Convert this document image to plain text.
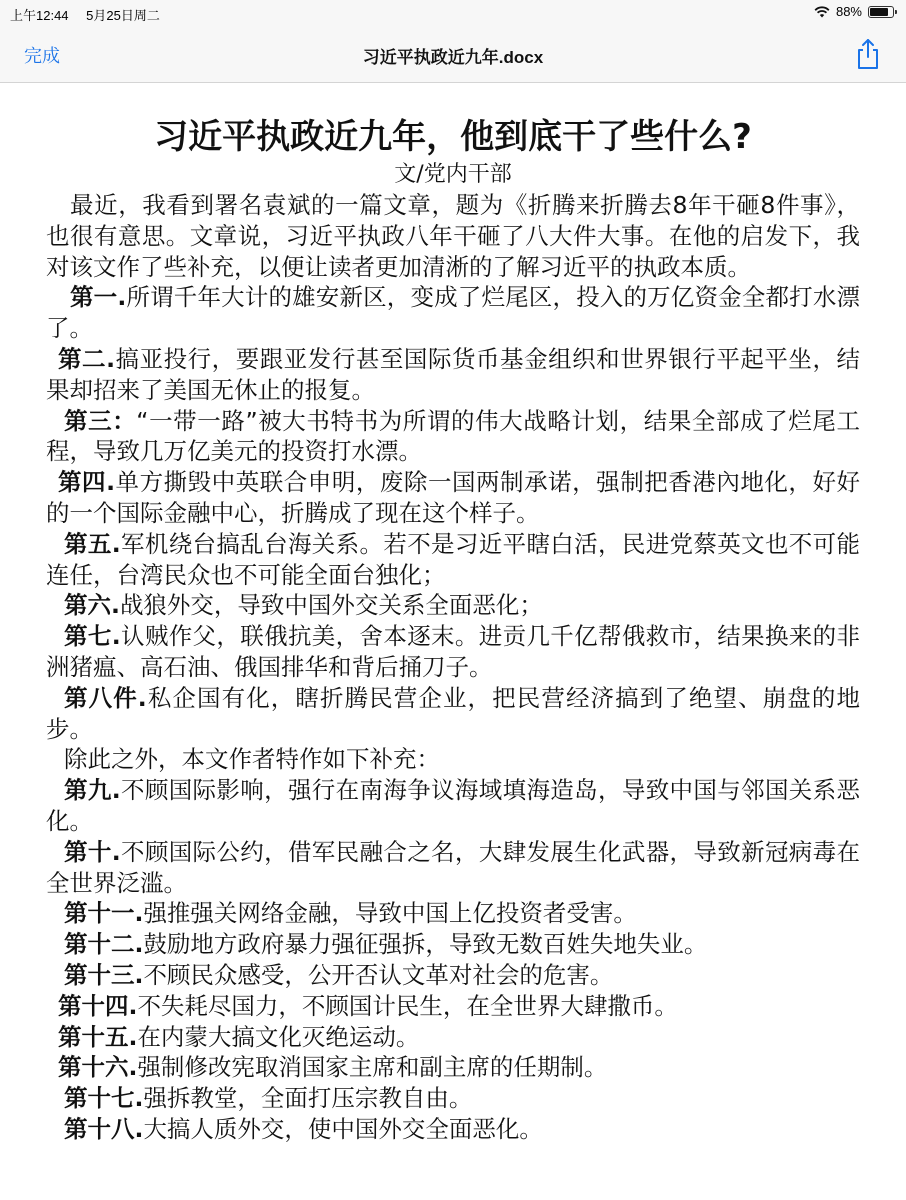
上午12:44 5月25日周二	88%
完成	习近平执政近九年.docx
习近平执政近九年，他到底干了些什么?
文/党内干部

最近，我看到署名袁斌的一篇文章，题为《折腾来折腾去8年干砸8件事》，也很有意思。文章说，习近平执政八年干砸了八大件大事。在他的启发下，我对该文作了些补充，以便让读者更加清淅的了解习近平的执政本质。

第一.所谓千年大计的雄安新区，变成了烂尾区，投入的万亿资金全都打水漂了。

第二.搞亚投行，要跟亚发行甚至国际货币基金组织和世界银行平起平坐，结果却招来了美国无休止的报复。

第三：“一带一路”被大书特书为所谓的伟大战略计划，结果全部成了烂尾工程，导致几万亿美元的投资打水漂。

第四.单方撕毁中英联合申明，废除一国两制承诺，强制把香港內地化，好好的一个国际金融中心，折腾成了现在这个样子。

第五.军机绕台搞乱台海关系。若不是习近平瞎白活，民进党蔡英文也不可能连任，台湾民众也不可能全面台独化；

第六.战狼外交，导致中国外交关系全面恶化；

第七.认贼作父，联俄抗美，舍本逐末。进贡几千亿帮俄救市，结果换来的非洲猪瘟、高石油、俄国排华和背后捅刀子。

第八件.私企国有化，瞎折腾民营企业，把民营经济搞到了绝望、崩盘的地步。

除此之外，本文作者特作如下补充：

第九.不顾国际影响，强行在南海争议海域填海造岛，导致中国与邻国关系恶化。

第十.不顾国际公约，借军民融合之名，大肆发展生化武器，导致新冠病毒在全世界泛滥。

第十一.强推强关网络金融，导致中国上亿投资者受害。

第十二.鼓励地方政府暴力强征强拆，导致无数百姓失地失业。

第十三.不顾民众感受，公开否认文革对社会的危害。

第十四.不失耗尽国力，不顾国计民生，在全世界大肆撒币。

第十五.在内蒙大搞文化灭绝运动。

第十六.强制修改宪取消国家主席和副主席的任期制。

第十七.强拆教堂，全面打压宗教自由。

第十八.大搞人质外交，使中国外交全面恶化。
